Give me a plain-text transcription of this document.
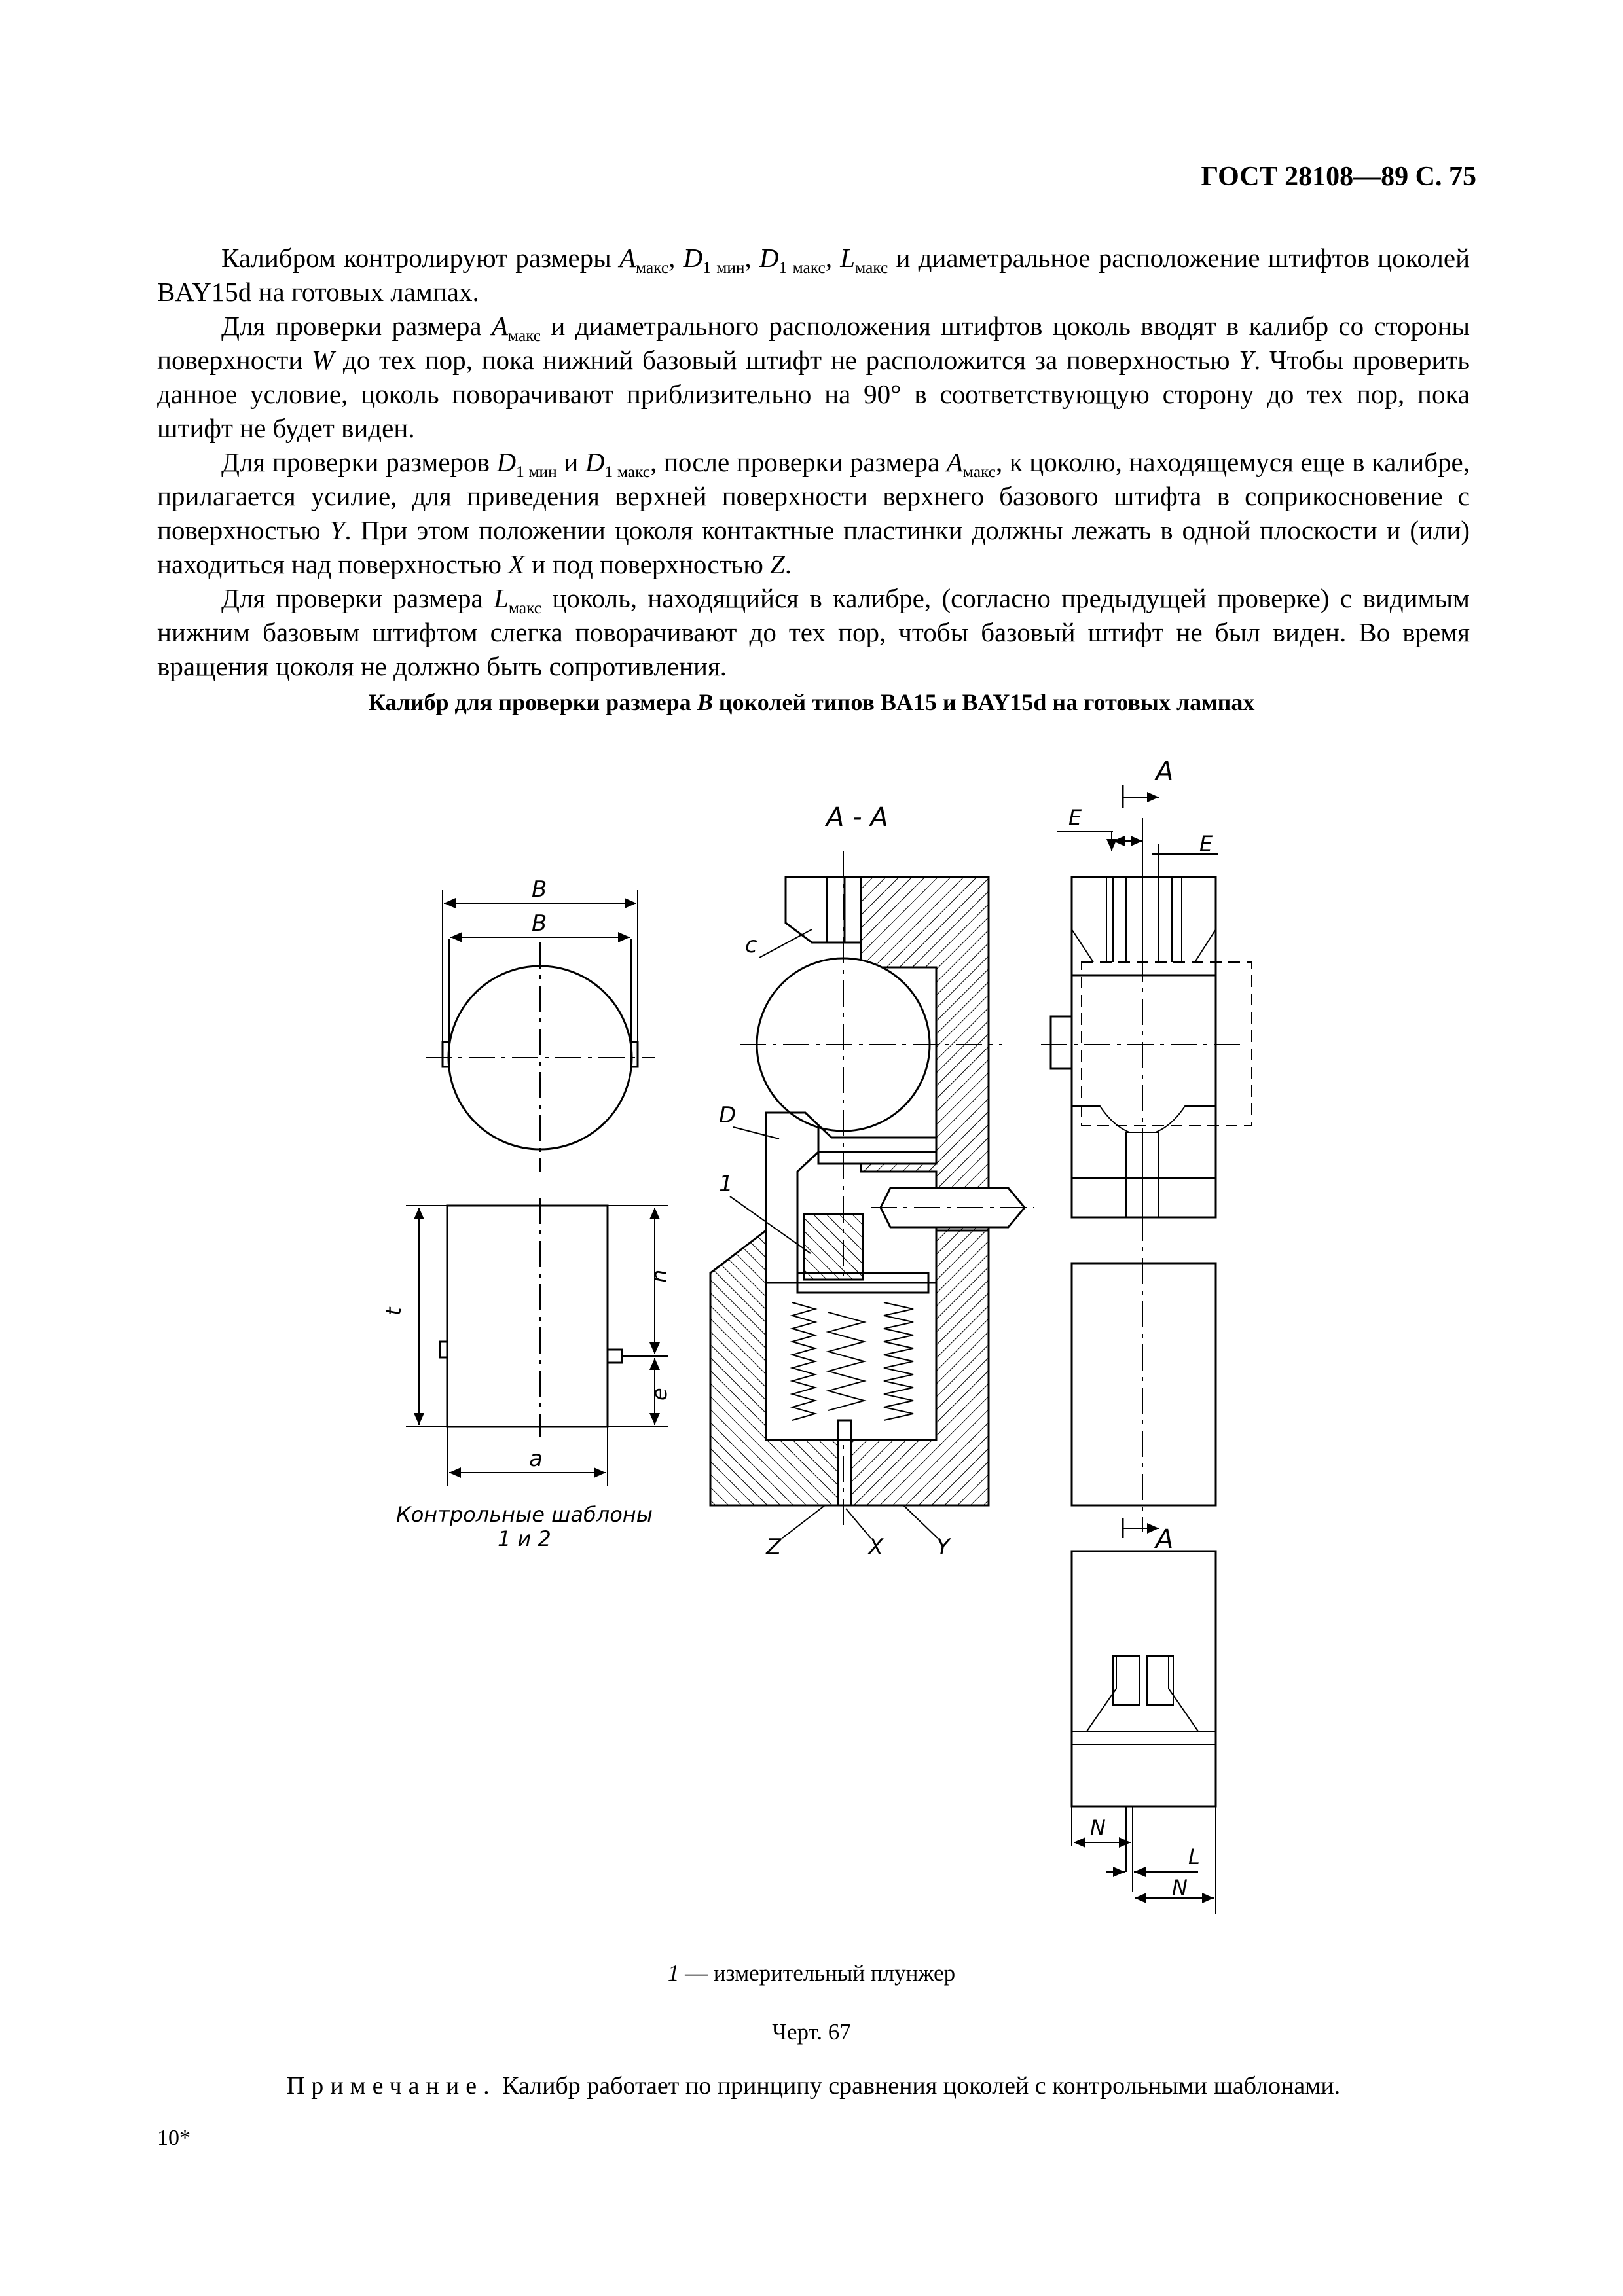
ГОСТ 28108—89 С. 75

Калибром контролируют размеры $A_{макс}$, $D_{1 мин}$, $D_{1 макс}$, $L_{макс}$ и диаметральное расположение штифтов цоколей BAY15d на готовых лампах.

Для проверки размера $A_{макс}$ и диаметрального расположения штифтов цоколь вводят в калибр со стороны поверхности W до тех пор, пока нижний базовый штифт не расположится за поверхностью Y. Чтобы проверить данное условие, цоколь поворачивают приблизительно на 90° в соответствующую сторону до тех пор, пока штифт не будет виден.

Для проверки размеров $D_{1 мин}$ и $D_{1 макс}$, после проверки размера $A_{макс}$, к цоколю, находящемуся еще в калибре, прилагается усилие, для приведения верхней поверхности верхнего базового штифта в соприкосновение с поверхностью Y. При этом положении цоколя контактные пластинки должны лежать в одной плоскости и (или) находиться над поверхностью X и под поверхностью Z.

Для проверки размера $L_{макс}$ цоколь, находящийся в калибре, (согласно предыдущей проверке) с видимым нижним базовым штифтом слегка поворачивают до тех пор, чтобы базовый штифт не был виден. Во время вращения цоколя не должно быть сопротивления.

Калибр для проверки размера B цоколей типов BA15 и BAY15d на готовых лампах
B
B
t
n
e
a
Контрольные шаблоны
1 и 2
А - А
c
D
1
Z	X Y
A
E
E
A
N
L
N
1 — измерительный плунжер
Черт. 67
Примечание. Калибр работает по принципу сравнения цоколей с контрольными шаблонами.
10*
